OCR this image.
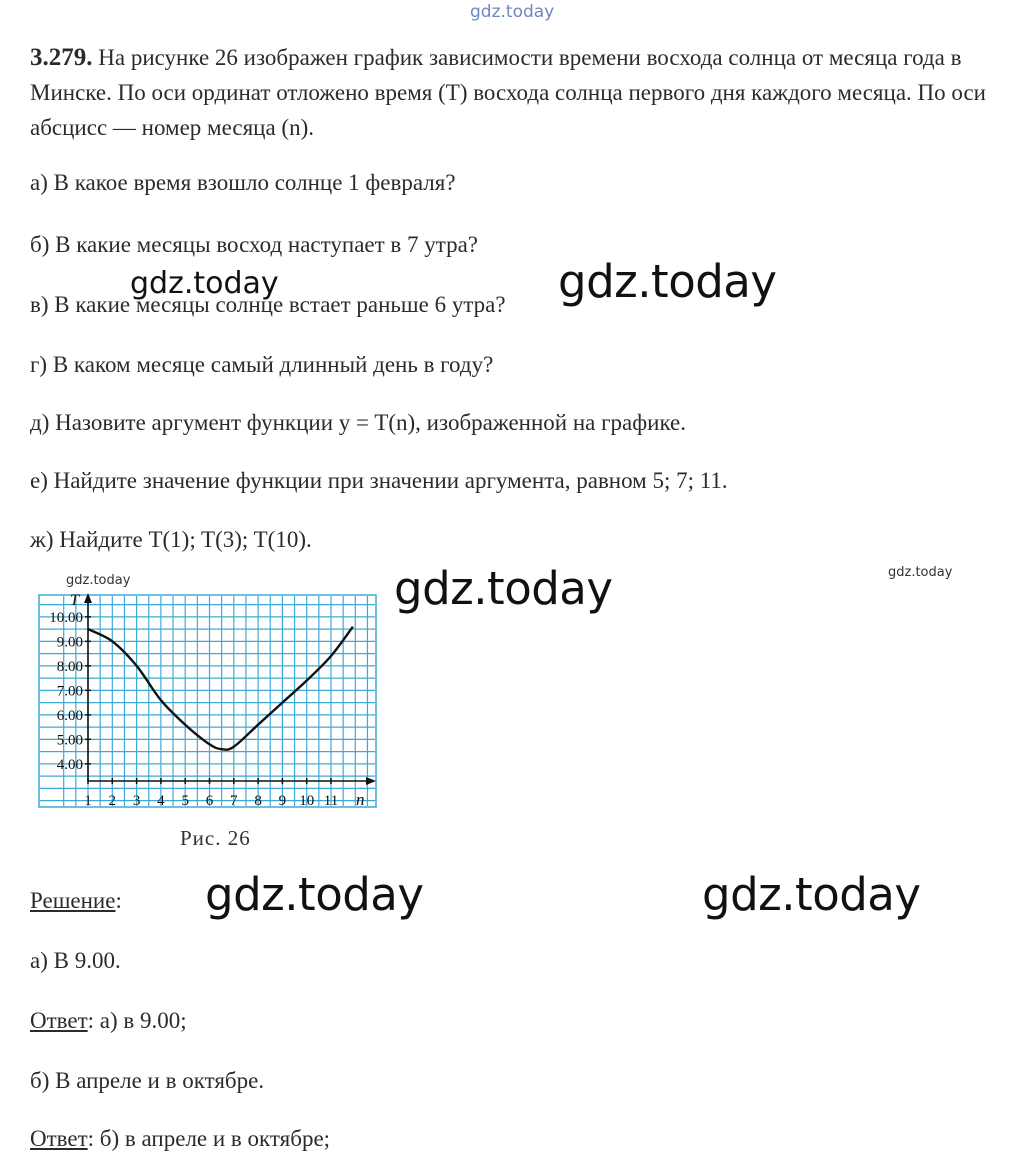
gdz.today
3.279. На рисунке 26 изображен график зависимости времени восхода солнца от месяца года в Минске. По оси ординат отложено время (Т) восхода солнца первого дня каждого месяца. По оси абсцисс — номер месяца (n).
а) В какое время взошло солнце 1 февраля?
б) В какие месяцы восход наступает в 7 утра?
в) В какие месяцы солнце встает раньше 6 утра?
г) В каком месяце самый длинный день в году?
д) Назовите аргумент функции y = T(n), изображенной на графике.
е) Найдите значение функции при значении аргумента, равном 5; 7; 11.
ж) Найдите T(1); T(3); T(10).
gdz.today	gdz.today
gdz.today
gdz.today
gdz.today
10.00
9.00
8.00
7.00
6.00
5.00
4.00
1 2 3 4 5 6 7 8 9 10 11
T
n
Рис. 26
Решение: gdz.today	gdz.today
а) В 9.00.
Ответ: а) в 9.00;
б) В апреле и в октябре.
Ответ: б) в апреле и в октябре;
